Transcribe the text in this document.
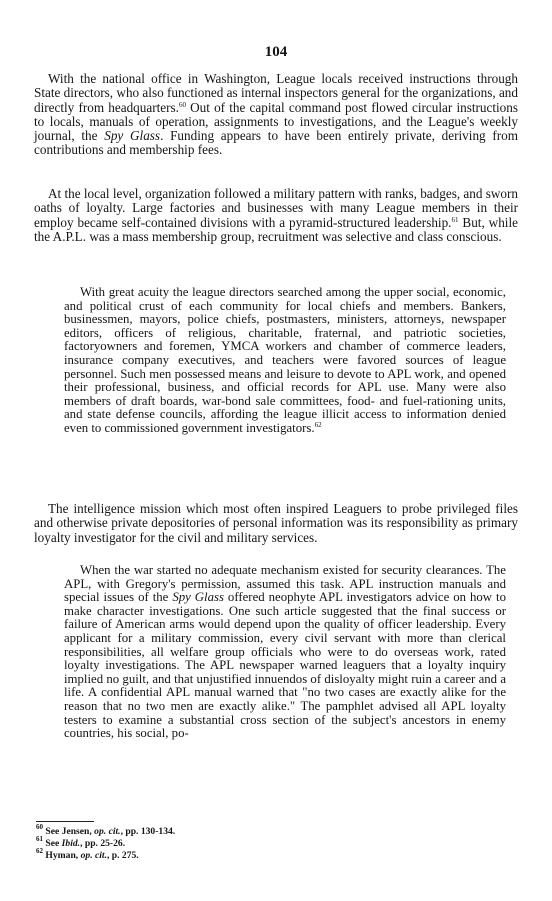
104

With the national office in Washington, League locals received instructions through State directors, who also functioned as internal inspectors general for the organizations, and directly from headquarters.$^{60}$ Out of the capital command post flowed circular instructions to locals, manuals of operation, assignments to investigations, and the League's weekly journal, the Spy Glass. Funding appears to have been entirely private, deriving from contributions and membership fees.

At the local level, organization followed a military pattern with ranks, badges, and sworn oaths of loyalty. Large factories and businesses with many League members in their employ became self-contained divisions with a pyramid-structured leadership.$^{61}$ But, while the A.P.L. was a mass membership group, recruitment was selective and class conscious.

With great acuity the league directors searched among the upper social, economic, and political crust of each community for local chiefs and members. Bankers, businessmen, mayors, police chiefs, postmasters, ministers, attorneys, newspaper editors, officers of religious, charitable, fraternal, and patriotic societies, factoryowners and foremen, YMCA workers and chamber of commerce leaders, insurance company executives, and teachers were favored sources of league personnel. Such men possessed means and leisure to devote to APL work, and opened their professional, business, and official records for APL use. Many were also members of draft boards, war-bond sale committees, food- and fuel-rationing units, and state defense councils, affording the league illicit access to information denied even to commissioned government investigators.$^{62}$

The intelligence mission which most often inspired Leaguers to probe privileged files and otherwise private depositories of personal information was its responsibility as primary loyalty investigator for the civil and military services.

When the war started no adequate mechanism existed for security clearances. The APL, with Gregory's permission, assumed this task. APL instruction manuals and special issues of the Spy Glass offered neophyte APL investigators advice on how to make character investigations. One such article suggested that the final success or failure of American arms would depend upon the quality of officer leadership. Every applicant for a military commission, every civil servant with more than clerical responsibilities, all welfare group officials who were to do overseas work, rated loyalty investigations. The APL newspaper warned leaguers that a loyalty inquiry implied no guilt, and that unjustified innuendos of disloyalty might ruin a career and a life. A confidential APL manual warned that "no two cases are exactly alike for the reason that no two men are exactly alike." The pamphlet advised all APL loyalty testers to examine a substantial cross section of the subject's ancestors in enemy countries, his social, po-

$^{60}$ See Jensen, op. cit., pp. 130-134.
$^{61}$ See Ibid., pp. 25-26.
$^{62}$ Hyman, op. cit., p. 275.
